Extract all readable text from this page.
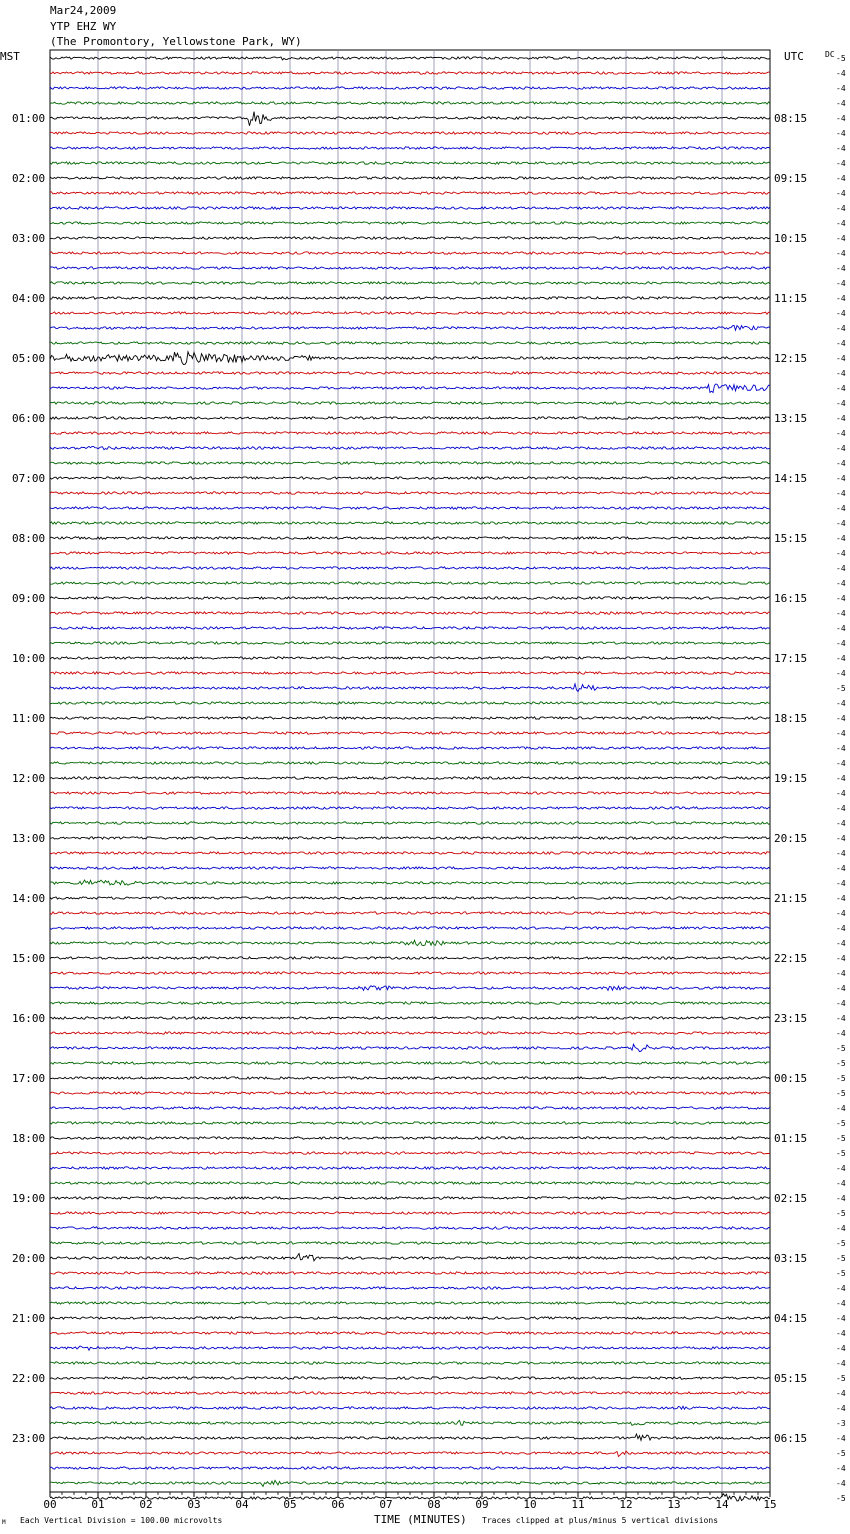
Mar24,2009
YTP EHZ WY
(The Promontory, Yellowstone Park, WY)
-5
-4
-4
-4
-4
-4
-4
-4
-4
-4
-4
-4
-4
-4
-4
-4
-4
-4
-4
-4
-4
-4
-4
-4
-4
-4
-4
-4
-4
-4
-4
-4
-4
-4
-4
-4
-4
-4
-4
-4
-4
-4
-5
-4
-4
-4
-4
-4
-4
-4
-4
-4
-4
-4
-4
-4
-4
-4
-4
-4
-4
-4
-4
-4
-4
-4
-5
-5
-5
-5
-4
-5
-5
-5
-4
-4
-4
-5
-4
-5
-5
-5
-4
-4
-4
-4
-4
-4
-5
-4
-4
-3
-4
-5
-4
-4
-5
01:00
02:00
03:00
04:00
05:00
06:00
07:00
08:00
09:00
10:00
11:00
12:00
13:00
14:00
15:00
16:00
17:00
18:00
19:00
20:00
21:00
22:00
23:00
08:15
09:15
10:15
11:15
12:15
13:15
14:15
15:15
16:15
17:15
18:15
19:15
20:15
21:15
22:15
23:15
00:15
01:15
02:15
03:15
04:15
05:15
06:15
MST	UTC	DC
00	01	02	03	04	05	06	07	08	09	10	11	12	13	14	15
TIME (MINUTES)
M Each Vertical Division = 100.00 microvolts	Traces clipped at plus/minus 5 vertical divisions
